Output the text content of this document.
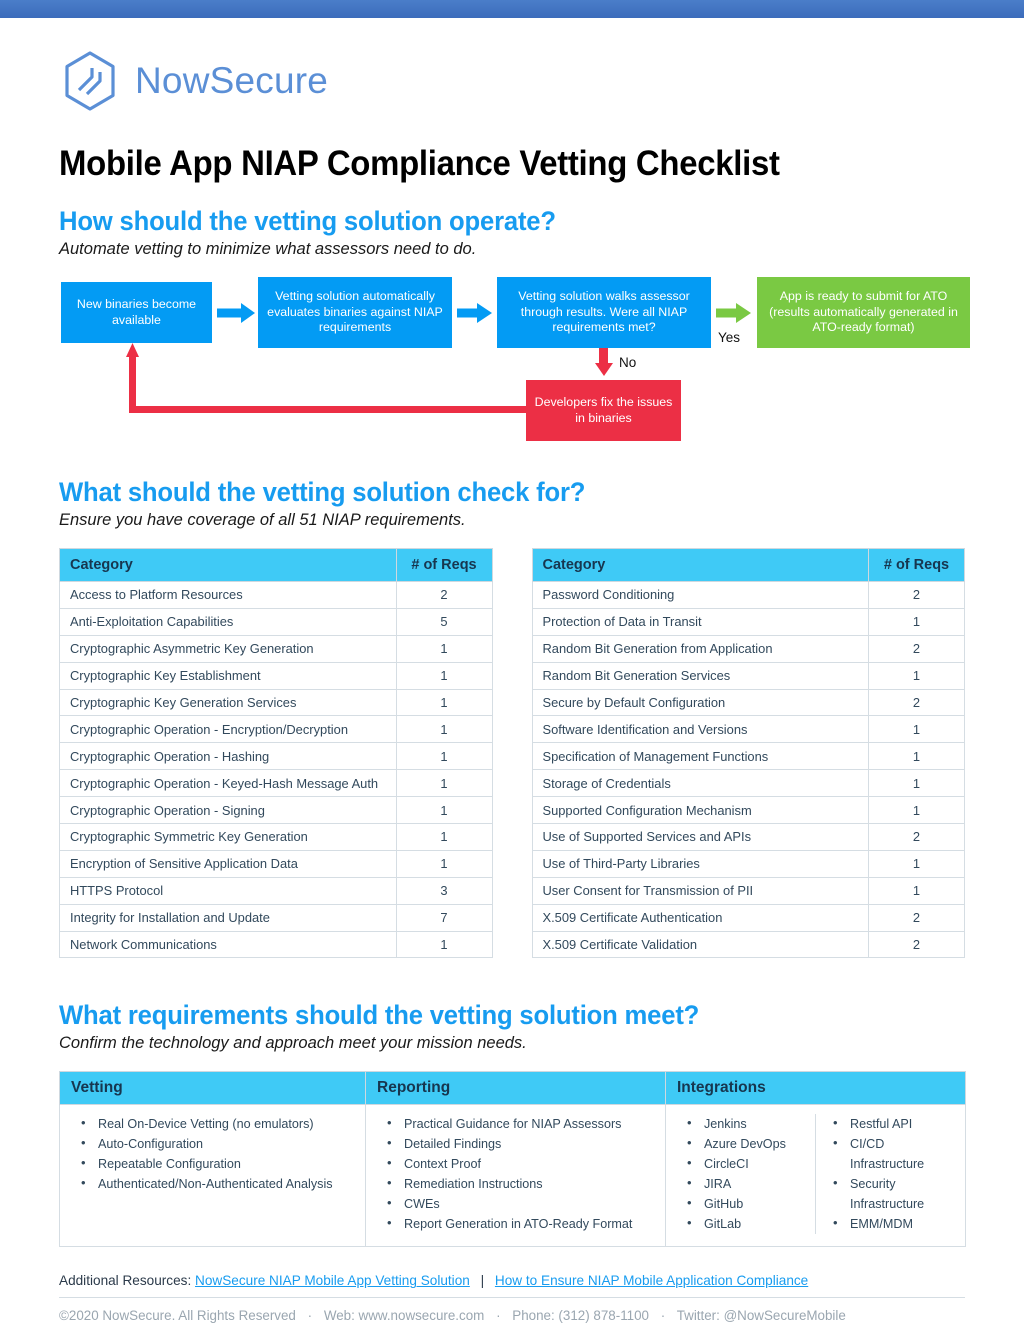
NowSecure
Mobile App NIAP Compliance Vetting Checklist
How should the vetting solution operate?
Automate vetting to minimize what assessors need to do.
New binaries become available
Vetting solution automatically evaluates binaries against NIAP requirements
Vetting solution walks assessor through results. Were all NIAP requirements met?
App is ready to submit for ATO (results automatically generated in ATO-ready format)
Developers fix the issues in binaries
Yes
No
What should the vetting solution check for?
Ensure you have coverage of all 51 NIAP requirements.
Category	# of Reqs
Access to Platform Resources	2
Anti-Exploitation Capabilities	5
Cryptographic Asymmetric Key Generation	1
Cryptographic Key Establishment	1
Cryptographic Key Generation Services	1
Cryptographic Operation - Encryption/Decryption	1
Cryptographic Operation - Hashing	1
Cryptographic Operation - Keyed-Hash Message Auth	1
Cryptographic Operation - Signing	1
Cryptographic Symmetric Key Generation	1
Encryption of Sensitive Application Data	1
HTTPS Protocol	3
Integrity for Installation and Update	7
Network Communications	1
Category	# of Reqs
Password Conditioning	2
Protection of Data in Transit	1
Random Bit Generation from Application	2
Random Bit Generation Services	1
Secure by Default Configuration	2
Software Identification and Versions	1
Specification of Management Functions	1
Storage of Credentials	1
Supported Configuration Mechanism	1
Use of Supported Services and APIs	2
Use of Third-Party Libraries	1
User Consent for Transmission of PII	1
X.509 Certificate Authentication	2
X.509 Certificate Validation	2
What requirements should the vetting solution meet?
Confirm the technology and approach meet your mission needs.
Vetting	Reporting	Integrations

• Real On-Device Vetting (no emulators)
• Auto-Configuration
• Repeatable Configuration
• Authenticated/Non-Authenticated Analysis

• Practical Guidance for NIAP Assessors
• Detailed Findings
• Context Proof
• Remediation Instructions
• CWEs
• Report Generation in ATO-Ready Format

• Jenkins
• Azure DevOps
• CircleCI
• JIRA
• GitHub
• GitLab
• Restful API
• CI/CD
Infrastructure
• Security
Infrastructure
• EMM/MDM
Additional Resources: NowSecure NIAP Mobile App Vetting Solution | How to Ensure NIAP Mobile Application Compliance
©2020 NowSecure. All Rights Reserved · Web: www.nowsecure.com · Phone: (312) 878-1100 · Twitter: @NowSecureMobile
